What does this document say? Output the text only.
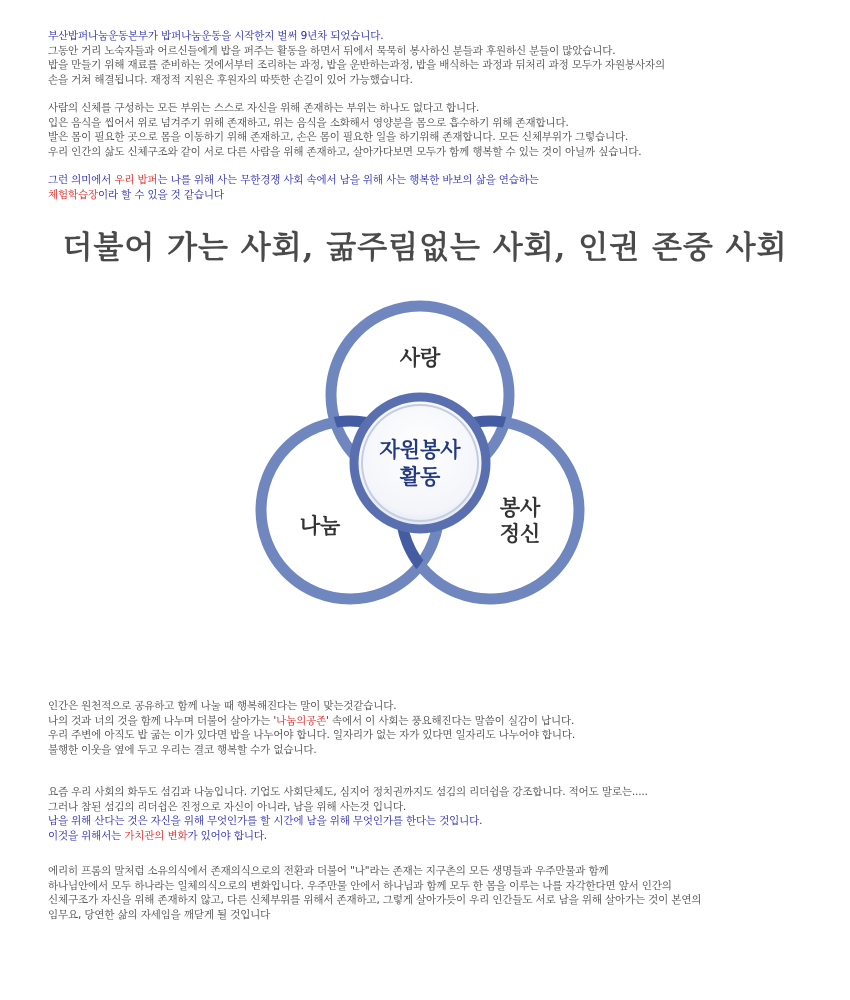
부산밥퍼나눔운동본부가 밥퍼나눔운동을 시작한지 벌써 9년차 되었습니다.
그동안 거리 노숙자들과 어르신들에게 밥을 퍼주는 활동을 하면서 뒤에서 묵묵히 봉사하신 분들과 후원하신 분들이 많았습니다.
밥을 만들기 위해 재료를 준비하는 것에서부터 조리하는 과정, 밥을 운반하는과정, 밥을 배식하는 과정과 뒤처리 과정 모두가 자원봉사자의
손을 거쳐 해결됩니다. 재정적 지원은 후원자의 따뜻한 손길이 있어 가능했습니다.
사람의 신체를 구성하는 모든 부위는 스스로 자신을 위해 존재하는 부위는 하나도 없다고 합니다.
입은 음식을 씹어서 위로 넘겨주기 위해 존재하고, 위는 음식을 소화해서 영양분을 몸으로 흡수하기 위해 존재합니다.
발은 몸이 필요한 곳으로 몸을 이동하기 위해 존재하고, 손은 몸이 필요한 일을 하기위해 존재합니다. 모든 신체부위가 그렇습니다.
우리 인간의 삶도 신체구조와 같이 서로 다른 사람을 위해 존재하고, 살아가다보면 모두가 함께 행복할 수 있는 것이 아닐까 싶습니다.
그런 의미에서 우리 밥퍼는 나를 위해 사는 무한경쟁 사회 속에서 남을 위해 사는 행복한 바보의 삶을 연습하는
체험학습장이라 할 수 있을 것 같습니다
더불어 가는 사회, 굶주림없는 사회, 인권 존중 사회
사랑
나눔
봉사
정신
자원봉사
활동
인간은 원천적으로 공유하고 함께 나눌 때 행복해진다는 말이 맞는것같습니다.
나의 것과 너의 것을 함께 나누며 더불어 살아가는 '나눔의공존' 속에서 이 사회는 풍요해진다는 말씀이 실감이 납니다.
우리 주변에 아직도 밥 굶는 이가 있다면 밥을 나누어야 합니다. 일자리가 없는 자가 있다면 일자리도 나누어야 합니다.
불행한 이웃을 옆에 두고 우리는 결코 행복할 수가 없습니다.
요즘 우리 사회의 화두도 섬김과 나눔입니다. 기업도 사회단체도, 심지어 정치권까지도 섬김의 리더쉽을 강조합니다. 적어도 말로는.....
그러나 참된 섬김의 리더쉽은 진정으로 자신이 아니라, 남을 위해 사는것 입니다.
남을 위해 산다는 것은 자신을 위해 무엇인가를 할 시간에 남을 위해 무엇인가를 한다는 것입니다.
이것을 위해서는 가치관의 변화가 있어야 합니다.
에리히 프롬의 말처럼 소유의식에서 존재의식으로의 전환과 더불어 "나"라는 존재는 지구촌의 모든 생명들과 우주만물과 함께
하나님안에서 모두 하나라는 일체의식으로의 변화입니다. 우주만물 안에서 하나님과 함께 모두 한 몸을 이루는 나를 자각한다면 앞서 인간의
신체구조가 자신을 위해 존재하지 않고, 다른 신체부위를 위해서 존재하고, 그렇게 살아가듯이 우리 인간들도 서로 남을 위해 살아가는 것이 본연의
임무요, 당연한 삶의 자세임을 깨닫게 될 것입니다
